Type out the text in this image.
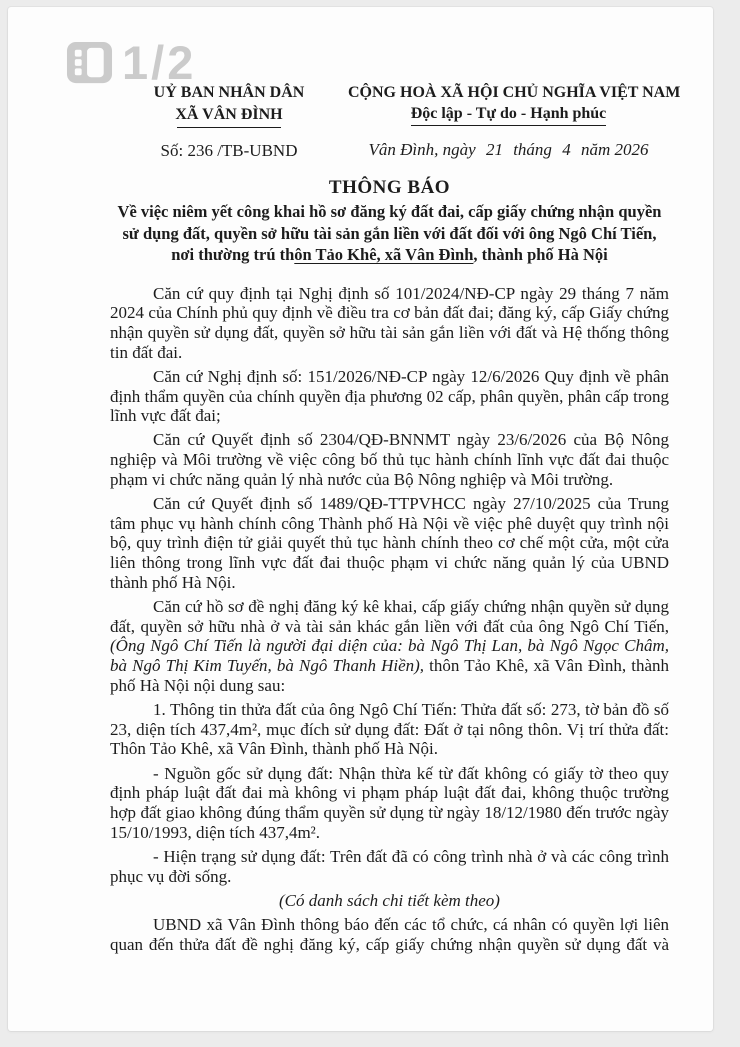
1/2
UỶ BAN NHÂN DÂN
XÃ VÂN ĐÌNH
Số: 236 /TB-UBND
CỘNG HOÀ XÃ HỘI CHỦ NGHĨA VIỆT NAM
Độc lập - Tự do - Hạnh phúc
Vân Đình, ngày 21 tháng 4 năm 2026
THÔNG BÁO
Về việc niêm yết công khai hồ sơ đăng ký đất đai, cấp giấy chứng nhận quyền sử dụng đất, quyền sở hữu tài sản gắn liền với đất đối với ông Ngô Chí Tiến, nơi thường trú thôn Tảo Khê, xã Vân Đình, thành phố Hà Nội

Căn cứ quy định tại Nghị định số 101/2024/NĐ-CP ngày 29 tháng 7 năm 2024 của Chính phủ quy định về điều tra cơ bản đất đai; đăng ký, cấp Giấy chứng nhận quyền sử dụng đất, quyền sở hữu tài sản gắn liền với đất và Hệ thống thông tin đất đai.

Căn cứ Nghị định số: 151/2026/NĐ-CP ngày 12/6/2026 Quy định về phân định thẩm quyền của chính quyền địa phương 02 cấp, phân quyền, phân cấp trong lĩnh vực đất đai;

Căn cứ Quyết định số 2304/QĐ-BNNMT ngày 23/6/2026 của Bộ Nông nghiệp và Môi trường về việc công bố thủ tục hành chính lĩnh vực đất đai thuộc phạm vi chức năng quản lý nhà nước của Bộ Nông nghiệp và Môi trường.

Căn cứ Quyết định số 1489/QĐ-TTPVHCC ngày 27/10/2025 của Trung tâm phục vụ hành chính công Thành phố Hà Nội về việc phê duyệt quy trình nội bộ, quy trình điện tử giải quyết thủ tục hành chính theo cơ chế một cửa, một cửa liên thông trong lĩnh vực đất đai thuộc phạm vi chức năng quản lý của UBND thành phố Hà Nội.

Căn cứ hồ sơ đề nghị đăng ký kê khai, cấp giấy chứng nhận quyền sử dụng đất, quyền sở hữu nhà ở và tài sản khác gắn liền với đất của ông Ngô Chí Tiến, (Ông Ngô Chí Tiến là người đại diện của: bà Ngô Thị Lan, bà Ngô Ngọc Châm, bà Ngô Thị Kim Tuyến, bà Ngô Thanh Hiền), thôn Tảo Khê, xã Vân Đình, thành phố Hà Nội nội dung sau:

1. Thông tin thửa đất của ông Ngô Chí Tiến: Thửa đất số: 273, tờ bản đồ số 23, diện tích 437,4m², mục đích sử dụng đất: Đất ở tại nông thôn. Vị trí thửa đất: Thôn Tảo Khê, xã Vân Đình, thành phố Hà Nội.

- Nguồn gốc sử dụng đất: Nhận thừa kế từ đất không có giấy tờ theo quy định pháp luật đất đai mà không vi phạm pháp luật đất đai, không thuộc trường hợp đất giao không đúng thẩm quyền sử dụng từ ngày 18/12/1980 đến trước ngày 15/10/1993, diện tích 437,4m².

- Hiện trạng sử dụng đất: Trên đất đã có công trình nhà ở và các công trình phục vụ đời sống.

(Có danh sách chi tiết kèm theo)

UBND xã Vân Đình thông báo đến các tổ chức, cá nhân có quyền lợi liên quan đến thửa đất đề nghị đăng ký, cấp giấy chứng nhận quyền sử dụng đất và
